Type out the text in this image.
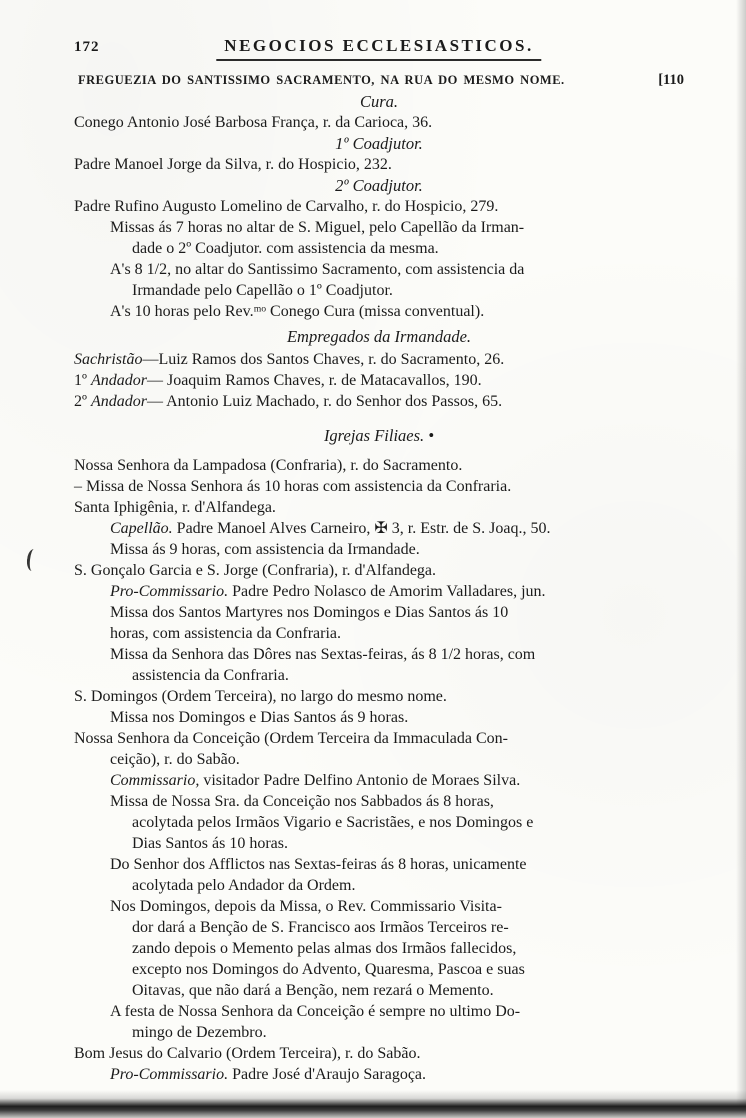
172	NEGOCIOS ECCLESIASTICOS.
FREGUEZIA DO SANTISSIMO SACRAMENTO, NA RUA DO MESMO NOME.	[110
Cura.
Conego Antonio José Barbosa França, r. da Carioca, 36.
1º Coadjutor.
Padre Manoel Jorge da Silva, r. do Hospicio, 232.
2º Coadjutor.
Padre Rufino Augusto Lomelino de Carvalho, r. do Hospicio, 279.
Missas ás 7 horas no altar de S. Miguel, pelo Capellão da Irman-
dade o 2º Coadjutor. com assistencia da mesma.
A's 8 1/2, no altar do Santissimo Sacramento, com assistencia da
Irmandade pelo Capellão o 1º Coadjutor.
A's 10 horas pelo Rev.ᵐᵒ Conego Cura (missa conventual).
Empregados da Irmandade.
Sachristão—Luiz Ramos dos Santos Chaves, r. do Sacramento, 26.
1º Andador— Joaquim Ramos Chaves, r. de Matacavallos, 190.
2º Andador— Antonio Luiz Machado, r. do Senhor dos Passos, 65.
Igrejas Filiaes. •
Nossa Senhora da Lampadosa (Confraria), r. do Sacramento.
– Missa de Nossa Senhora ás 10 horas com assistencia da Confraria.
Santa Iphigênia, r. d'Alfandega.
Capellão. Padre Manoel Alves Carneiro, ✠ 3, r. Estr. de S. Joaq., 50.
Missa ás 9 horas, com assistencia da Irmandade.
S. Gonçalo Garcia e S. Jorge (Confraria), r. d'Alfandega.
Pro-Commissario. Padre Pedro Nolasco de Amorim Valladares, jun.
Missa dos Santos Martyres nos Domingos e Dias Santos ás 10
horas, com assistencia da Confraria.
Missa da Senhora das Dôres nas Sextas-feiras, ás 8 1/2 horas, com
assistencia da Confraria.
S. Domingos (Ordem Terceira), no largo do mesmo nome.
Missa nos Domingos e Dias Santos ás 9 horas.
Nossa Senhora da Conceição (Ordem Terceira da Immaculada Con-
ceição), r. do Sabão.
Commissario, visitador Padre Delfino Antonio de Moraes Silva.
Missa de Nossa Sra. da Conceição nos Sabbados ás 8 horas,
acolytada pelos Irmãos Vigario e Sacristães, e nos Domingos e
Dias Santos ás 10 horas.
Do Senhor dos Afflictos nas Sextas-feiras ás 8 horas, unicamente
acolytada pelo Andador da Ordem.
Nos Domingos, depois da Missa, o Rev. Commissario Visita-
dor dará a Benção de S. Francisco aos Irmãos Terceiros re-
zando depois o Memento pelas almas dos Irmãos fallecidos,
excepto nos Domingos do Advento, Quaresma, Pascoa e suas
Oitavas, que não dará a Benção, nem rezará o Memento.
A festa de Nossa Senhora da Conceição é sempre no ultimo Do-
mingo de Dezembro.
Bom Jesus do Calvario (Ordem Terceira), r. do Sabão.
Pro-Commissario. Padre José d'Araujo Saragoça.
